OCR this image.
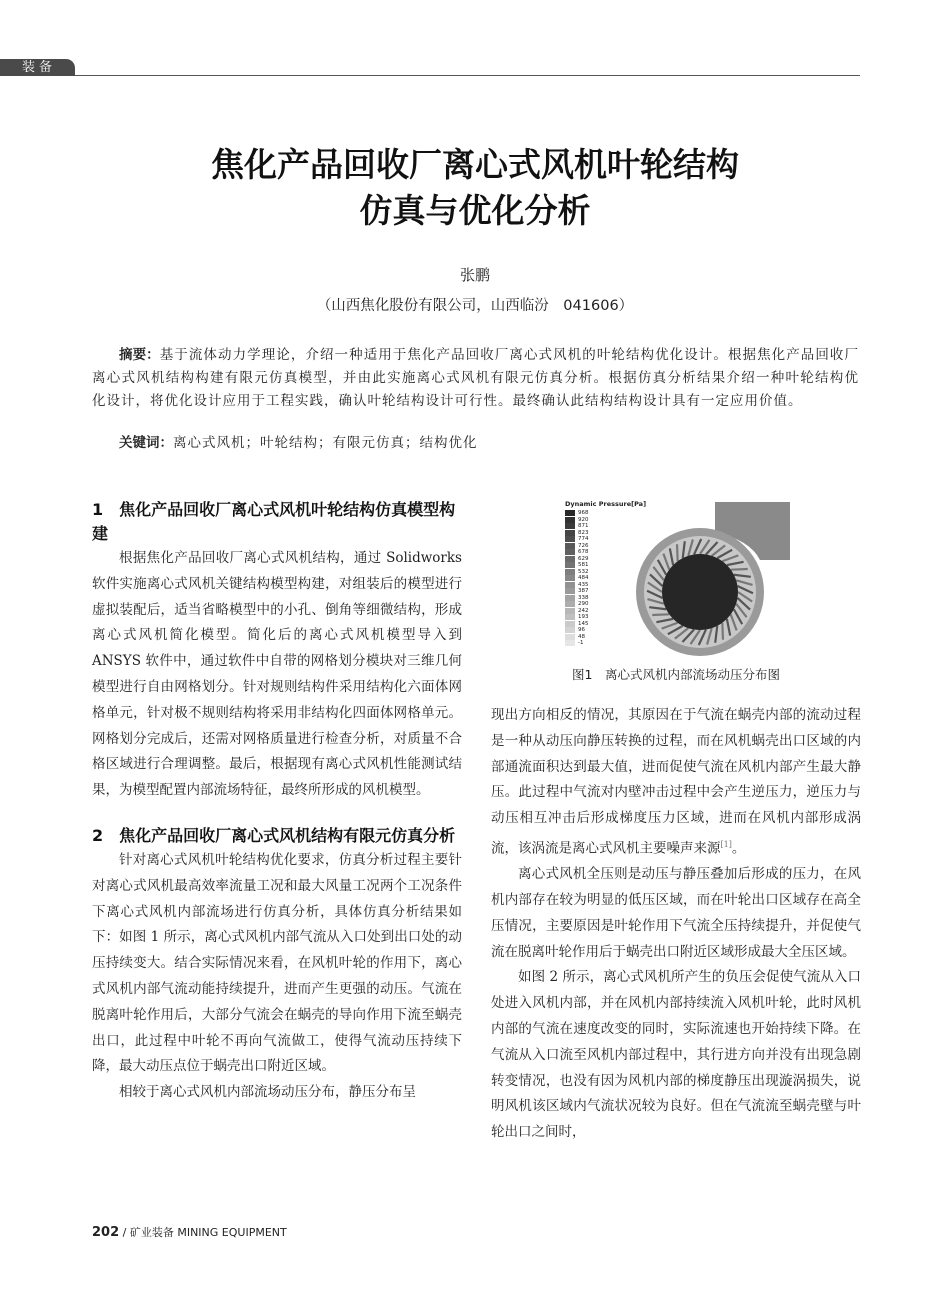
装备
焦化产品回收厂离心式风机叶轮结构
仿真与优化分析
张鹏
（山西焦化股份有限公司，山西临汾　041606）

摘要：基于流体动力学理论，介绍一种适用于焦化产品回收厂离心式风机的叶轮结构优化设计。根据焦化产品回收厂离心式风机结构构建有限元仿真模型，并由此实施离心式风机有限元仿真分析。根据仿真分析结果介绍一种叶轮结构优化设计，将优化设计应用于工程实践，确认叶轮结构设计可行性。最终确认此结构结构设计具有一定应用价值。

关键词：离心式风机；叶轮结构；有限元仿真；结构优化
1　焦化产品回收厂离心式风机叶轮结构仿真模型构建

根据焦化产品回收厂离心式风机结构，通过 Solidworks 软件实施离心式风机关键结构模型构建，对组装后的模型进行虚拟装配后，适当省略模型中的小孔、倒角等细微结构，形成离心式风机简化模型。简化后的离心式风机模型导入到 ANSYS 软件中，通过软件中自带的网格划分模块对三维几何模型进行自由网格划分。针对规则结构件采用结构化六面体网格单元，针对极不规则结构将采用非结构化四面体网格单元。网格划分完成后，还需对网格质量进行检查分析，对质量不合格区域进行合理调整。最后，根据现有离心式风机性能测试结果，为模型配置内部流场特征，最终所形成的风机模型。

2　焦化产品回收厂离心式风机结构有限元仿真分析

针对离心式风机叶轮结构优化要求，仿真分析过程主要针对离心式风机最高效率流量工况和最大风量工况两个工况条件下离心式风机内部流场进行仿真分析，具体仿真分析结果如下：如图 1 所示，离心式风机内部气流从入口处到出口处的动压持续变大。结合实际情况来看，在风机叶轮的作用下，离心式风机内部气流动能持续提升，进而产生更强的动压。气流在脱离叶轮作用后，大部分气流会在蜗壳的导向作用下流至蜗壳出口，此过程中叶轮不再向气流做工，使得气流动压持续下降，最大动压点位于蜗壳出口附近区域。

相较于离心式风机内部流场动压分布，静压分布呈

Dynamic Pressure[Pa]
968
920
871
823
774
726
678
629
581
532
484
435
387
338
290
242
193
145
96
48
-1
图1　离心式风机内部流场动压分布图

现出方向相反的情况，其原因在于气流在蜗壳内部的流动过程是一种从动压向静压转换的过程，而在风机蜗壳出口区域的内部通流面积达到最大值，进而促使气流在风机内部产生最大静压。此过程中气流对内壁冲击过程中会产生逆压力，逆压力与动压相互冲击后形成梯度压力区域，进而在风机内部形成涡流，该涡流是离心式风机主要噪声来源[1]。

离心式风机全压则是动压与静压叠加后形成的压力，在风机内部存在较为明显的低压区域，而在叶轮出口区域存在高全压情况，主要原因是叶轮作用下气流全压持续提升，并促使气流在脱离叶轮作用后于蜗壳出口附近区域形成最大全压区域。

如图 2 所示，离心式风机所产生的负压会促使气流从入口处进入风机内部，并在风机内部持续流入风机叶轮，此时风机内部的气流在速度改变的同时，实际流速也开始持续下降。在气流从入口流至风机内部过程中，其行进方向并没有出现急剧转变情况，也没有因为风机内部的梯度静压出现漩涡损失，说明风机该区域内气流状况较为良好。但在气流流至蜗壳壁与叶轮出口之间时，

202 / 矿业装备 MINING EQUIPMENT
